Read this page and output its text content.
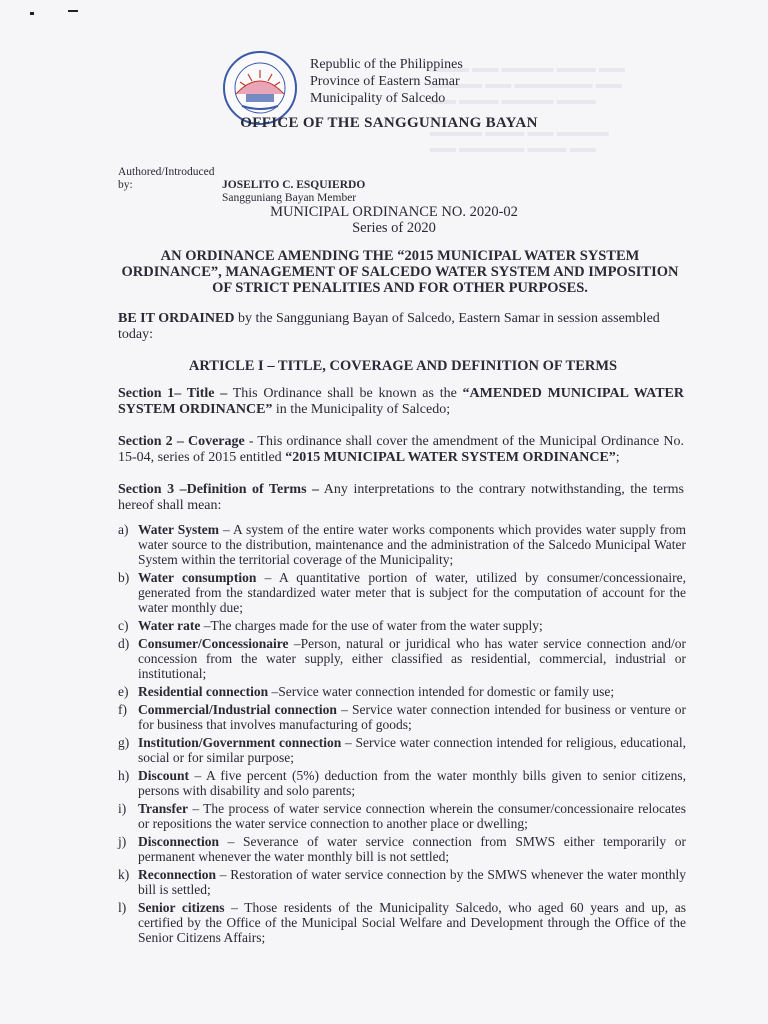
▬▬▬ ▬▬ ▬▬▬▬ ▬▬▬ ▬▬
▬▬▬▬ ▬▬ ▬▬▬▬▬▬ ▬▬
▬▬ ▬▬▬ ▬▬▬▬ ▬▬▬

▬▬▬▬ ▬▬▬ ▬▬ ▬▬▬▬
▬▬ ▬▬▬▬▬ ▬▬▬ ▬▬
Republic of the Philippines
Province of Eastern Samar
Municipality of Salcedo
OFFICE OF THE SANGGUNIANG BAYAN
Authored/Introduced by:	JOSELITO C. ESQUIERDO
Sangguniang Bayan Member
MUNICIPAL ORDINANCE NO. 2020-02
Series of 2020
AN ORDINANCE AMENDING THE “2015 MUNICIPAL WATER SYSTEM ORDINANCE”, MANAGEMENT OF SALCEDO WATER SYSTEM AND IMPOSITION OF STRICT PENALITIES AND FOR OTHER PURPOSES.
BE IT ORDAINED by the Sangguniang Bayan of Salcedo, Eastern Samar in session assembled today:
ARTICLE I – TITLE, COVERAGE AND DEFINITION OF TERMS
Section 1– Title – This Ordinance shall be known as the “AMENDED MUNICIPAL WATER SYSTEM ORDINANCE” in the Municipality of Salcedo;
Section 2 – Coverage - This ordinance shall cover the amendment of the Municipal Ordinance No. 15-04, series of 2015 entitled “2015 MUNICIPAL WATER SYSTEM ORDINANCE”;
Section 3 –Definition of Terms – Any interpretations to the contrary notwithstanding, the terms hereof shall mean:
a) Water System – A system of the entire water works components which provides water supply from water source to the distribution, maintenance and the administration of the Salcedo Municipal Water System within the territorial coverage of the Municipality;
b) Water consumption – A quantitative portion of water, utilized by consumer/concessionaire, generated from the standardized water meter that is subject for the computation of account for the water monthly due;
c) Water rate –The charges made for the use of water from the water supply;
d) Consumer/Concessionaire –Person, natural or juridical who has water service connection and/or concession from the water supply, either classified as residential, commercial, industrial or institutional;
e) Residential connection –Service water connection intended for domestic or family use;
f) Commercial/Industrial connection – Service water connection intended for business or venture or for business that involves manufacturing of goods;
g) Institution/Government connection – Service water connection intended for religious, educational, social or for similar purpose;
h) Discount – A five percent (5%) deduction from the water monthly bills given to senior citizens, persons with disability and solo parents;
i) Transfer – The process of water service connection wherein the consumer/concessionaire relocates or repositions the water service connection to another place or dwelling;
j) Disconnection – Severance of water service connection from SMWS either temporarily or permanent whenever the water monthly bill is not settled;
k) Reconnection – Restoration of water service connection by the SMWS whenever the water monthly bill is settled;
l) Senior citizens – Those residents of the Municipality Salcedo, who aged 60 years and up, as certified by the Office of the Municipal Social Welfare and Development through the Office of the Senior Citizens Affairs;
